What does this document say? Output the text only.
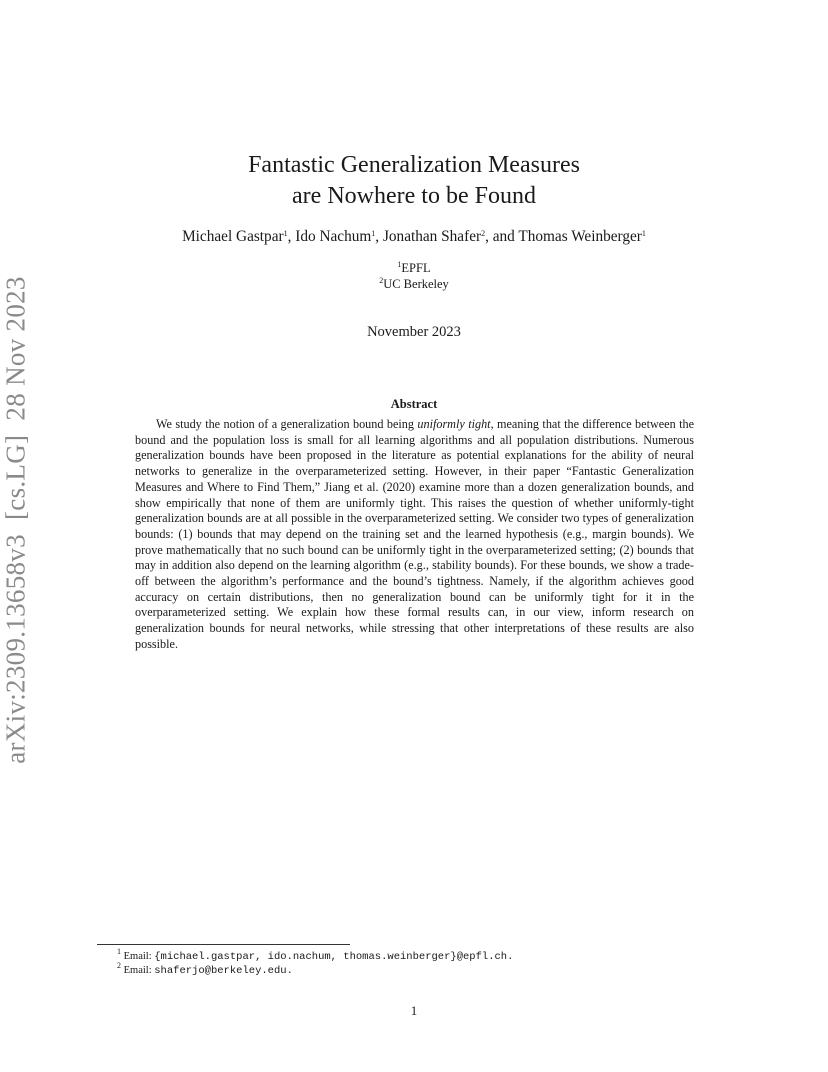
arXiv:2309.13658v3  [cs.LG]  28 Nov 2023
Fantastic Generalization Measures
are Nowhere to be Found
Michael Gastpar$^1$, Ido Nachum$^1$, Jonathan Shafer$^2$, and Thomas Weinberger$^1$
$^1$EPFL
$^2$UC Berkeley
November 2023
Abstract

We study the notion of a generalization bound being uniformly tight, meaning that the difference between the bound and the population loss is small for all learning algorithms and all population distributions. Numerous generalization bounds have been proposed in the literature as potential explanations for the ability of neural networks to generalize in the overparameterized setting. However, in their paper “Fantastic Generalization Measures and Where to Find Them,” Jiang et al. (2020) examine more than a dozen generalization bounds, and show empirically that none of them are uniformly tight. This raises the question of whether uniformly-tight generalization bounds are at all possible in the overparameterized setting. We consider two types of generalization bounds: (1) bounds that may depend on the training set and the learned hypothesis (e.g., margin bounds). We prove mathematically that no such bound can be uniformly tight in the overparameterized setting; (2) bounds that may in addition also depend on the learning algorithm (e.g., stability bounds). For these bounds, we show a trade-off between the algorithm’s performance and the bound’s tightness. Namely, if the algorithm achieves good accuracy on certain distributions, then no generalization bound can be uniformly tight for it in the overparameterized setting. We explain how these formal results can, in our view, inform research on generalization bounds for neural networks, while stressing that other interpretations of these results are also possible.

$^1$ Email: {michael.gastpar, ido.nachum, thomas.weinberger}@epfl.ch.
$^2$ Email: shaferjo@berkeley.edu.
1
